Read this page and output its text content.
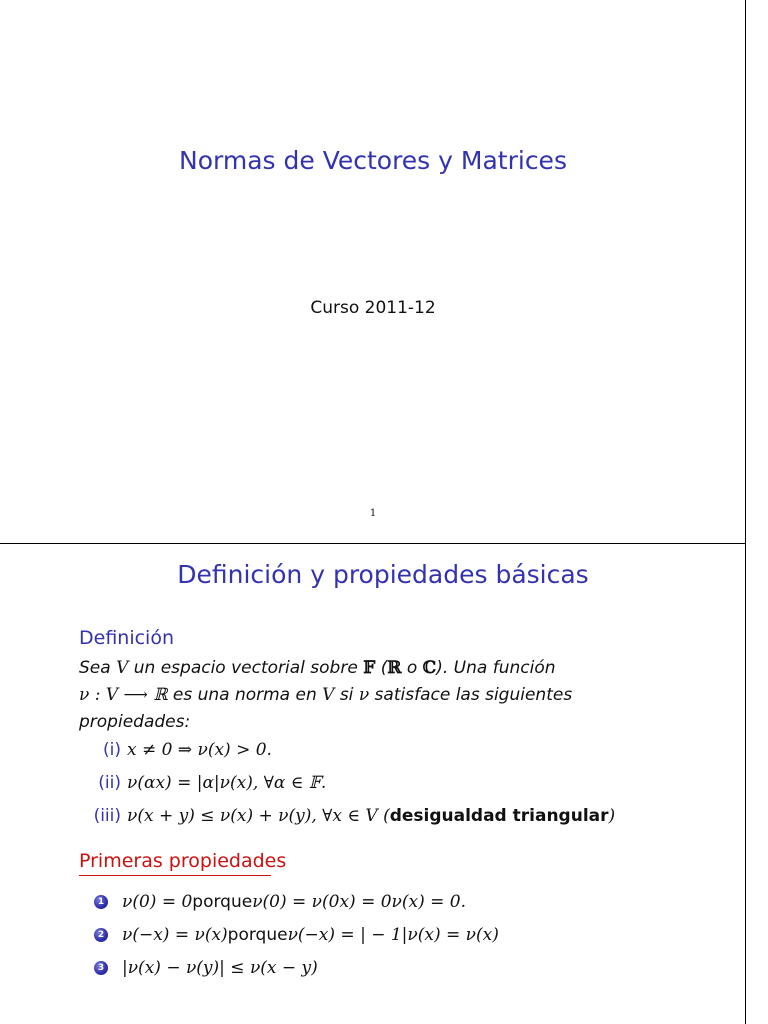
Normas de Vectores y Matrices
Curso 2011-12
1
Definición y propiedades básicas
Definición
Sea V un espacio vectorial sobre 𝔽 (ℝ o ℂ). Una función
ν : V ⟶ ℝ es una norma en V si ν satisface las siguientes
propiedades:
(i) x ≠ 0 ⇒ ν(x) > 0.
(ii) ν(αx) = |α|ν(x), ∀α ∈ 𝔽.
(iii) ν(x + y) ≤ ν(x) + ν(y), ∀x ∈ V (desigualdad triangular)
Primeras propiedades
1 ν(0) = 0 porque ν(0) = ν(0x) = 0ν(x) = 0.
2 ν(−x) = ν(x) porque ν(−x) = | − 1|ν(x) = ν(x)
3 |ν(x) − ν(y)| ≤ ν(x − y)
